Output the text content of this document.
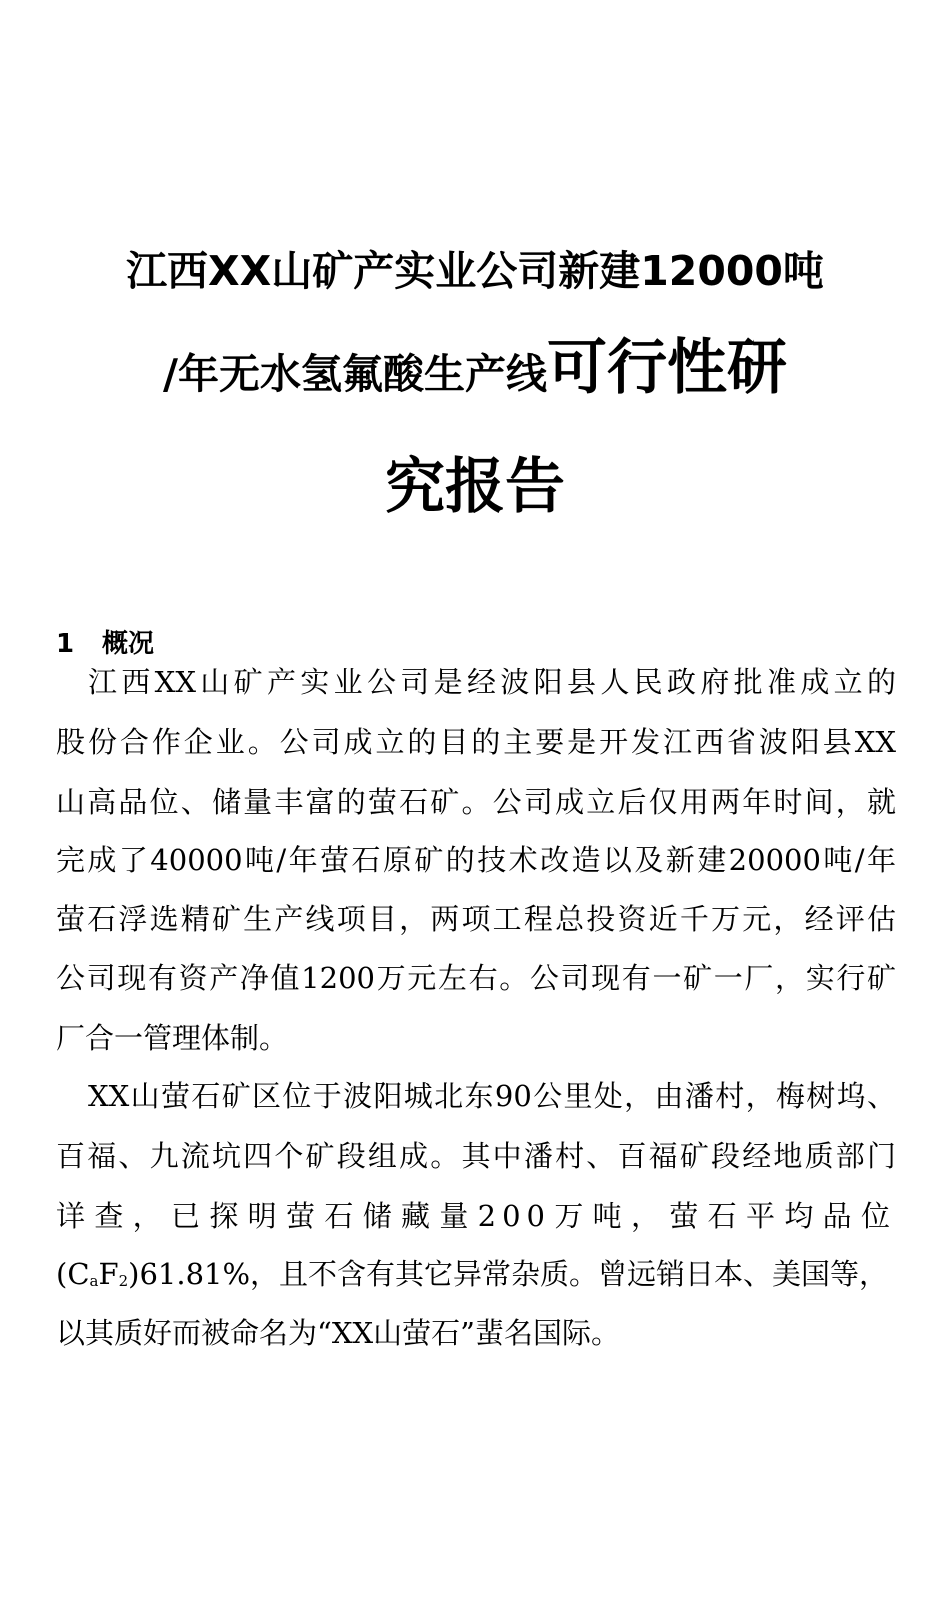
江西XX山矿产实业公司新建12000吨
/年无水氢氟酸生产线可行性研
究报告
1 概况
江西XX山矿产实业公司是经波阳县人民政府批准成立的
股份合作企业。公司成立的目的主要是开发江西省波阳县XX
山高品位、储量丰富的萤石矿。公司成立后仅用两年时间，就
完成了40000吨/年萤石原矿的技术改造以及新建20000吨/年
萤石浮选精矿生产线项目，两项工程总投资近千万元，经评估
公司现有资产净值1200万元左右。公司现有一矿一厂，实行矿
厂合一管理体制。
XX山萤石矿区位于波阳城北东90公里处，由潘村，梅树坞、
百福、九流坑四个矿段组成。其中潘村、百福矿段经地质部门
详查，已探明萤石储藏量200万吨，萤石平均品位
(CaF2)61.81%，且不含有其它异常杂质。曾远销日本、美国等，
以其质好而被命名为“XX山萤石”蜚名国际。
